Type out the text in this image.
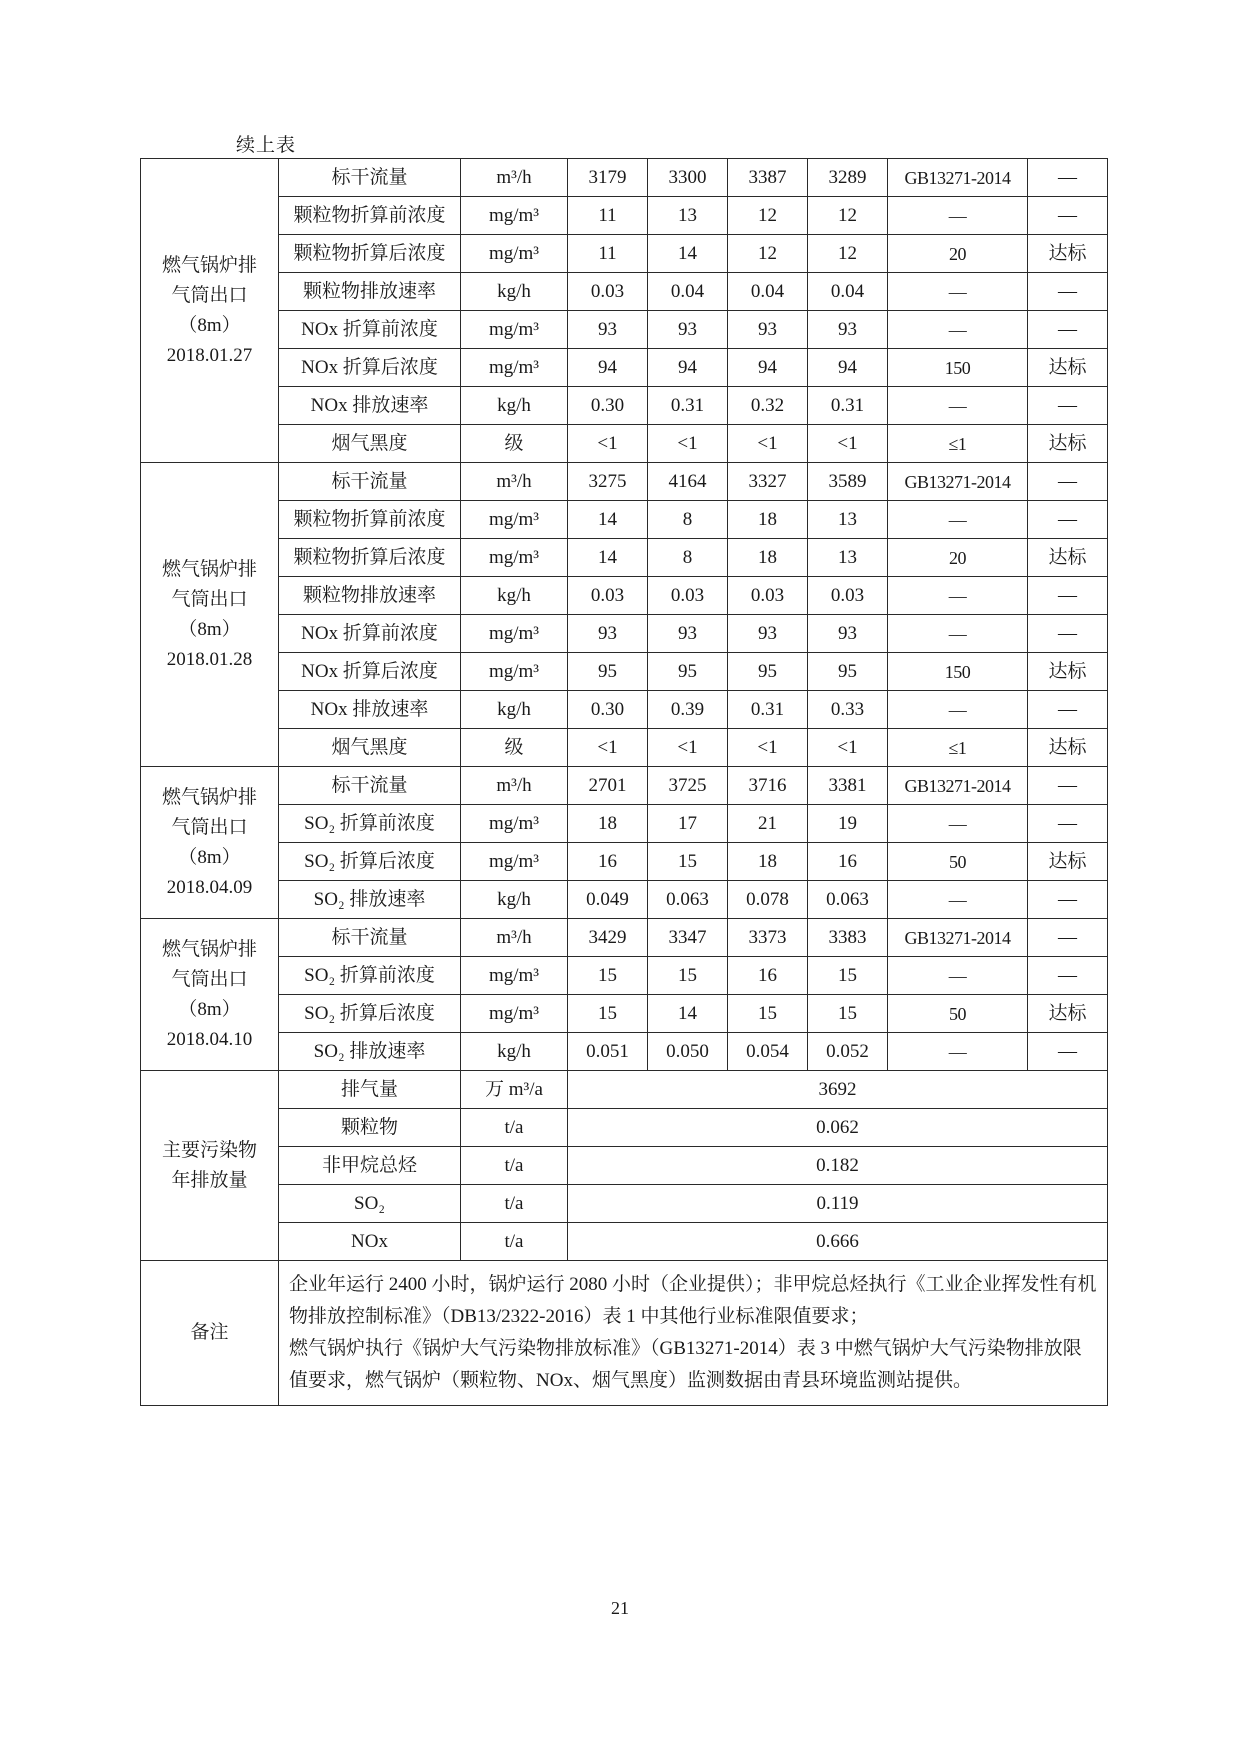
续上表
燃气锅炉排
气筒出口
（8m）
2018.01.27	标干流量	m³/h	3179	3300	3387	3289	GB13271-2014	—
	颗粒物折算前浓度	mg/m³	11	13	12	12	—	—
	颗粒物折算后浓度	mg/m³	11	14	12	12	20	达标
	颗粒物排放速率	kg/h	0.03	0.04	0.04	0.04	—	—
	NOx 折算前浓度	mg/m³	93	93	93	93	—	—
	NOx 折算后浓度	mg/m³	94	94	94	94	150	达标
	NOx 排放速率	kg/h	0.30	0.31	0.32	0.31	—	—
	烟气黑度	级	<1	<1	<1	<1	≤1	达标

燃气锅炉排
气筒出口
（8m）
2018.01.28	标干流量	m³/h	3275	4164	3327	3589	GB13271-2014	—
	颗粒物折算前浓度	mg/m³	14	8	18	13	—	—
	颗粒物折算后浓度	mg/m³	14	8	18	13	20	达标
	颗粒物排放速率	kg/h	0.03	0.03	0.03	0.03	—	—
	NOx 折算前浓度	mg/m³	93	93	93	93	—	—
	NOx 折算后浓度	mg/m³	95	95	95	95	150	达标
	NOx 排放速率	kg/h	0.30	0.39	0.31	0.33	—	—
	烟气黑度	级	<1	<1	<1	<1	≤1	达标

燃气锅炉排
气筒出口
（8m）
2018.04.09	标干流量	m³/h	2701	3725	3716	3381	GB13271-2014	—
	SO₂ 折算前浓度	mg/m³	18	17	21	19	—	—
	SO₂ 折算后浓度	mg/m³	16	15	18	16	50	达标
	SO₂ 排放速率	kg/h	0.049	0.063	0.078	0.063	—	—

燃气锅炉排
气筒出口
（8m）
2018.04.10	标干流量	m³/h	3429	3347	3373	3383	GB13271-2014	—
	SO₂ 折算前浓度	mg/m³	15	15	16	15	—	—
	SO₂ 折算后浓度	mg/m³	15	14	15	15	50	达标
	SO₂ 排放速率	kg/h	0.051	0.050	0.054	0.052	—	—

主要污染物
年排放量	排气量	万 m³/a	3692					
	颗粒物	t/a	0.062					
	非甲烷总烃	t/a	0.182					
	SO₂	t/a	0.119					
	NOx	t/a	0.666					
备注	企业年运行 2400 小时，锅炉运行 2080 小时（企业提供）；非甲烷总烃执行《工业企业挥发性有机物排放控制标准》（DB13/2322-2016）表 1 中其他行业标准限值要求；
燃气锅炉执行《锅炉大气污染物排放标准》（GB13271-2014）表 3 中燃气锅炉大气污染物排放限值要求，燃气锅炉（颗粒物、NOx、烟气黑度）监测数据由青县环境监测站提供。							
21
